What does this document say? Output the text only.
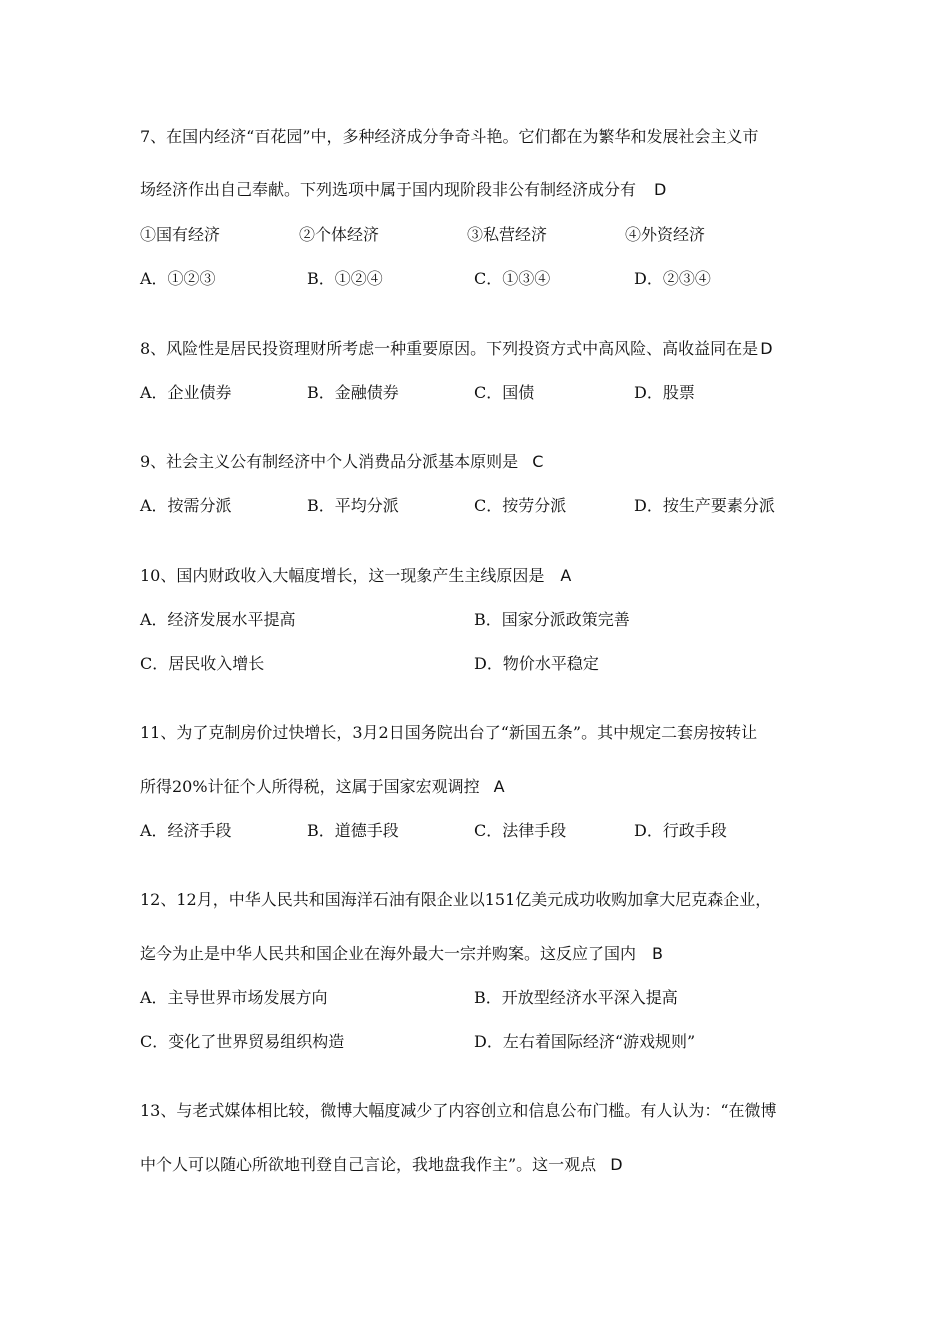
7、在国内经济“百花园”中，多种经济成分争奇斗艳。它们都在为繁华和发展社会主义市
场经济作出自己奉献。下列选项中属于国内现阶段非公有制经济成分有 D
①国有经济	②个体经济	③私营经济	④外资经济
A．①②③	B．①②④	C．①③④	D．②③④
8、风险性是居民投资理财所考虑一种重要原因。下列投资方式中高风险、高收益同在是 D
A．企业债券	B．金融债券	C．国债	D．股票
9、社会主义公有制经济中个人消费品分派基本原则是 C
A．按需分派	B．平均分派	C．按劳分派	D．按生产要素分派
10、国内财政收入大幅度增长，这一现象产生主线原因是 A
A．经济发展水平提高	B．国家分派政策完善
C．居民收入增长	D．物价水平稳定
11、为了克制房价过快增长，3月2日国务院出台了“新国五条”。其中规定二套房按转让
所得20%计征个人所得税，这属于国家宏观调控 A
A．经济手段	B．道德手段	C．法律手段	D．行政手段
12、12月，中华人民共和国海洋石油有限企业以151亿美元成功收购加拿大尼克森企业，
迄今为止是中华人民共和国企业在海外最大一宗并购案。这反应了国内 B
A．主导世界市场发展方向	B．开放型经济水平深入提高
C．变化了世界贸易组织构造	D．左右着国际经济“游戏规则”
13、与老式媒体相比较，微博大幅度减少了内容创立和信息公布门槛。有人认为：“在微博
中个人可以随心所欲地刊登自己言论，我地盘我作主”。这一观点 D
